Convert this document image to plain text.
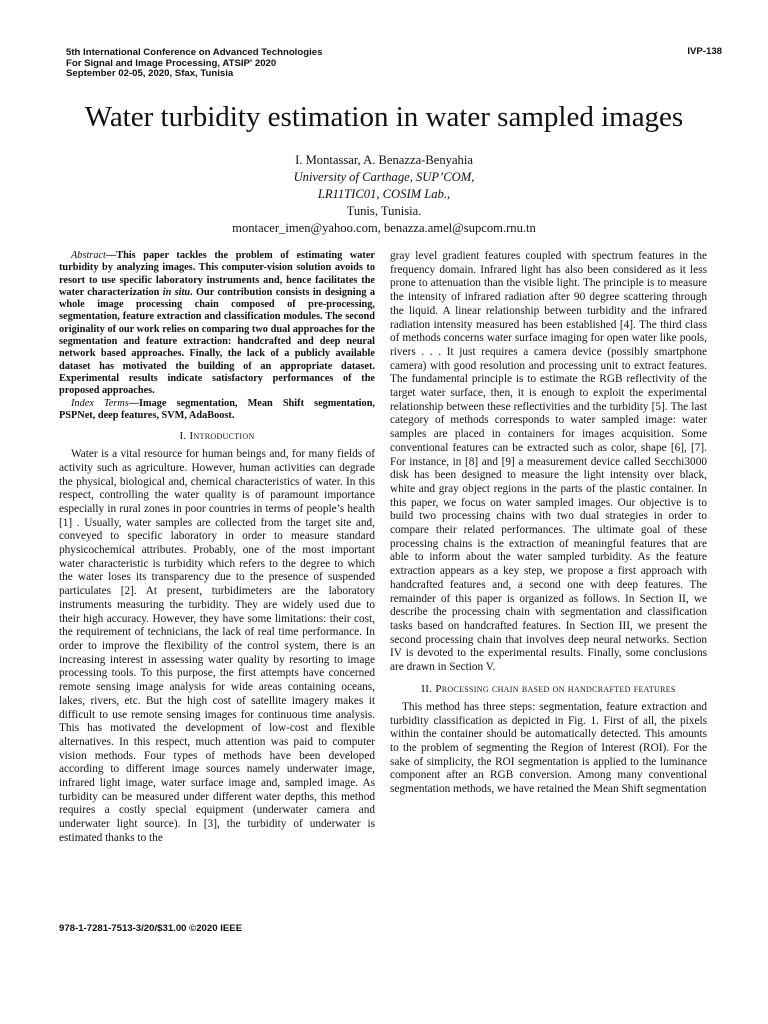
5th International Conference on Advanced Technologies
For Signal and Image Processing, ATSIP' 2020
September 02-05, 2020, Sfax, Tunisia
IVP-138
Water turbidity estimation in water sampled images
I. Montassar, A. Benazza-Benyahia
University of Carthage, SUP’COM,
LR11TIC01, COSIM Lab.,
Tunis, Tunisia.
montacer_imen@yahoo.com, benazza.amel@supcom.rnu.tn

Abstract—This paper tackles the problem of estimating water turbidity by analyzing images. This computer-vision solution avoids to resort to use specific laboratory instruments and, hence facilitates the water characterization in situ. Our contribution consists in designing a whole image processing chain composed of pre-processing, segmentation, feature extraction and classification modules. The second originality of our work relies on comparing two dual approaches for the segmentation and feature extraction: handcrafted and deep neural network based approaches. Finally, the lack of a publicly available dataset has motivated the building of an appropriate dataset. Experimental results indicate satisfactory performances of the proposed approaches.

Index Terms—Image segmentation, Mean Shift segmentation, PSPNet, deep features, SVM, AdaBoost.

I. Introduction

Water is a vital resource for human beings and, for many fields of activity such as agriculture. However, human activities can degrade the physical, biological and, chemical characteristics of water. In this respect, controlling the water quality is of paramount importance especially in rural zones in poor countries in terms of people’s health [1] . Usually, water samples are collected from the target site and, conveyed to specific laboratory in order to measure standard physicochemical attributes. Probably, one of the most important water characteristic is turbidity which refers to the degree to which the water loses its transparency due to the presence of suspended particulates [2]. At present, turbidimeters are the laboratory instruments measuring the turbidity. They are widely used due to their high accuracy. However, they have some limitations: their cost, the requirement of technicians, the lack of real time performance. In order to improve the flexibility of the control system, there is an increasing interest in assessing water quality by resorting to image processing tools. To this purpose, the first attempts have concerned remote sensing image analysis for wide areas containing oceans, lakes, rivers, etc. But the high cost of satellite imagery makes it difficult to use remote sensing images for continuous time analysis. This has motivated the development of low-cost and flexible alternatives. In this respect, much attention was paid to computer vision methods. Four types of methods have been developed according to different image sources namely underwater image, infrared light image, water surface image and, sampled image. As turbidity can be measured under different water depths, this method requires a costly special equipment (underwater camera and underwater light source). In [3], the turbidity of underwater is estimated thanks to the

gray level gradient features coupled with spectrum features in the frequency domain. Infrared light has also been considered as it less prone to attenuation than the visible light. The principle is to measure the intensity of infrared radiation after 90 degree scattering through the liquid. A linear relationship between turbidity and the infrared radiation intensity measured has been established [4]. The third class of methods concerns water surface imaging for open water like pools, rivers . . . It just requires a camera device (possibly smartphone camera) with good resolution and processing unit to extract features. The fundamental principle is to estimate the RGB reflectivity of the target water surface, then, it is enough to exploit the experimental relationship between these reflectivities and the turbidity [5]. The last category of methods corresponds to water sampled image: water samples are placed in containers for images acquisition. Some conventional features can be extracted such as color, shape [6], [7]. For instance, in [8] and [9] a measurement device called Secchi3000 disk has been designed to measure the light intensity over black, white and gray object regions in the parts of the plastic container. In this paper, we focus on water sampled images. Our objective is to build two processing chains with two dual strategies in order to compare their related performances. The ultimate goal of these processing chains is the extraction of meaningful features that are able to inform about the water sampled turbidity. As the feature extraction appears as a key step, we propose a first approach with handcrafted features and, a second one with deep features. The remainder of this paper is organized as follows. In Section II, we describe the processing chain with segmentation and classification tasks based on handcrafted features. In Section III, we present the second processing chain that involves deep neural networks. Section IV is devoted to the experimental results. Finally, some conclusions are drawn in Section V.

II. Processing chain based on handcrafted features

This method has three steps: segmentation, feature extraction and turbidity classification as depicted in Fig. 1. First of all, the pixels within the container should be automatically detected. This amounts to the problem of segmenting the Region of Interest (ROI). For the sake of simplicity, the ROI segmentation is applied to the luminance component after an RGB conversion. Among many conventional segmentation methods, we have retained the Mean Shift segmentation

978-1-7281-7513-3/20/$31.00 ©2020 IEEE
